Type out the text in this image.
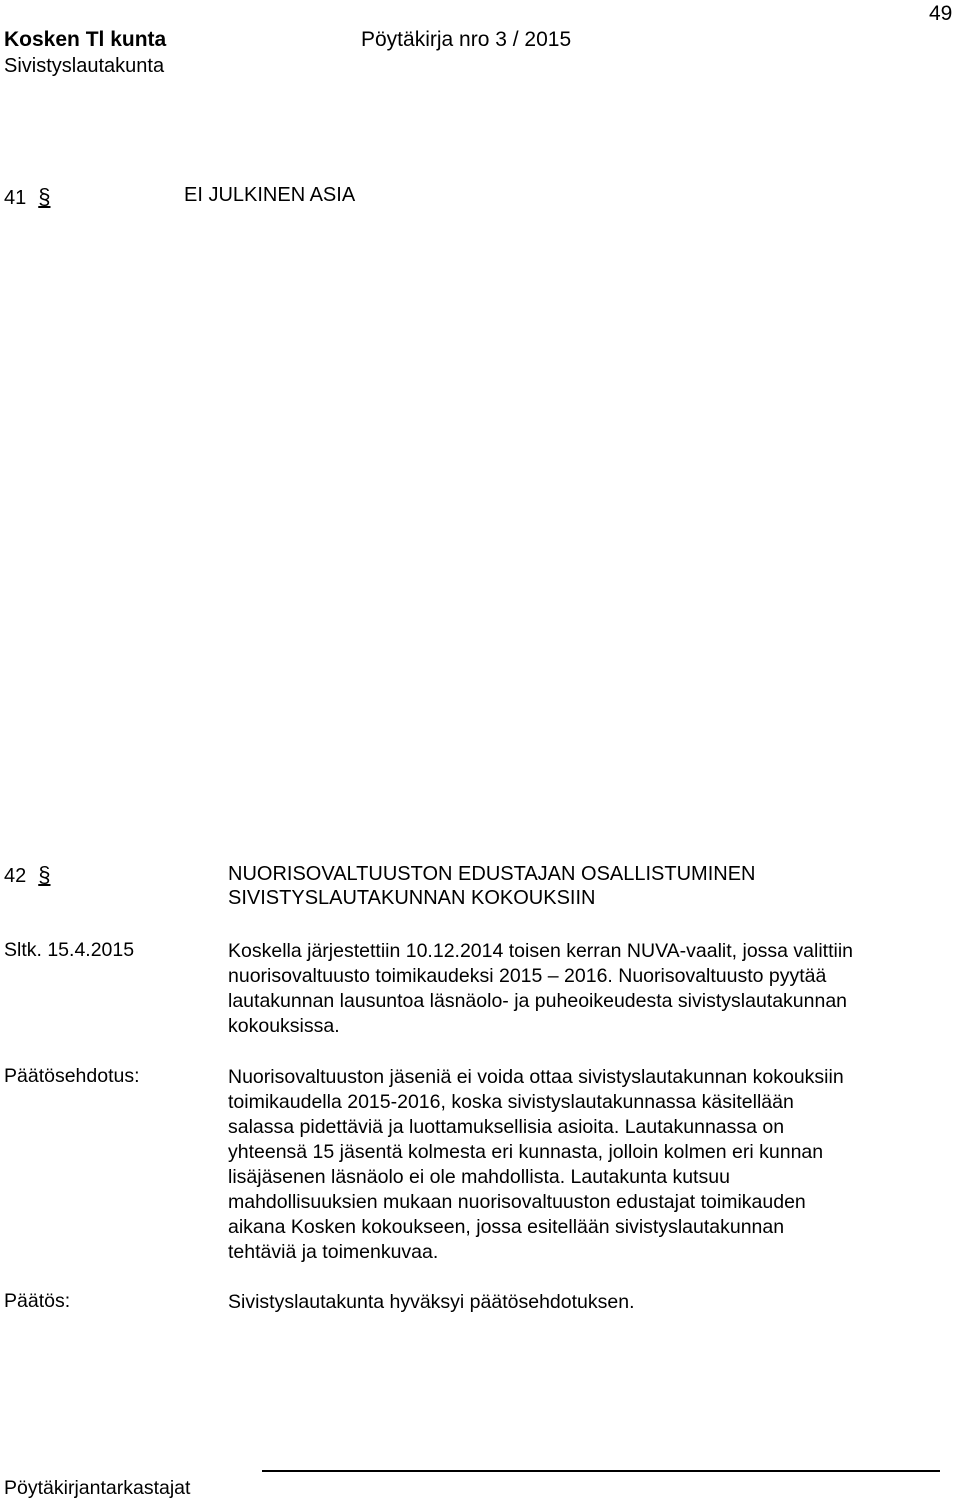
49
Kosken Tl kunta	Pöytäkirja nro 3 / 2015
Sivistyslautakunta
41 §	EI JULKINEN ASIA
42 §	NUORISOVALTUUSTON EDUSTAJAN OSALLISTUMINEN
SIVISTYSLAUTAKUNNAN KOKOUKSIIN
Sltk. 15.4.2015	Koskella järjestettiin 10.12.2014 toisen kerran NUVA-vaalit, jossa valittiin
nuorisovaltuusto toimikaudeksi 2015 – 2016. Nuorisovaltuusto pyytää
lautakunnan lausuntoa läsnäolo- ja puheoikeudesta sivistyslautakunnan
kokouksissa.
Päätösehdotus:	Nuorisovaltuuston jäseniä ei voida ottaa sivistyslautakunnan kokouksiin
toimikaudella 2015-2016, koska sivistyslautakunnassa käsitellään
salassa pidettäviä ja luottamuksellisia asioita. Lautakunnassa on
yhteensä 15 jäsentä kolmesta eri kunnasta, jolloin kolmen eri kunnan
lisäjäsenen läsnäolo ei ole mahdollista. Lautakunta kutsuu
mahdollisuuksien mukaan nuorisovaltuuston edustajat toimikauden
aikana Kosken kokoukseen, jossa esitellään sivistyslautakunnan
tehtäviä ja toimenkuvaa.
Päätös:	Sivistyslautakunta hyväksyi päätösehdotuksen.
Pöytäkirjantarkastajat
